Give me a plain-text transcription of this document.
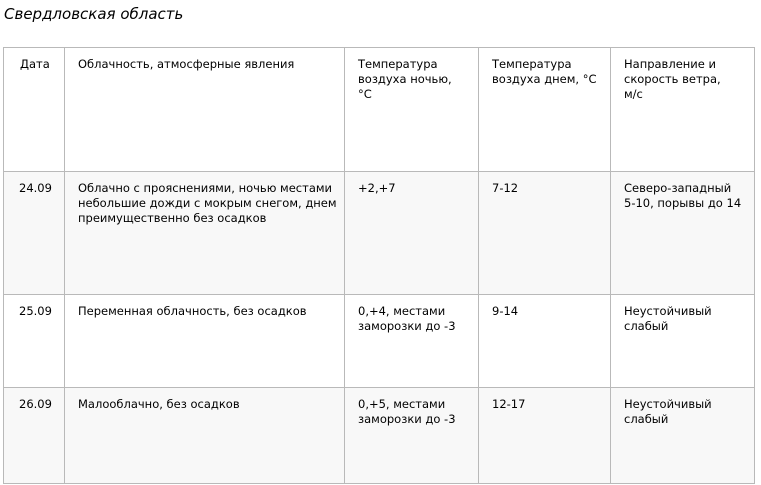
Свердловская область
Дата	Облачность, атмосферные явления	Температура
воздуха ночью,
°С	Температура
воздуха днем, °С	Направление и
скорость ветра,
м/с

24.09	Облачно с прояснениями, ночью местами
небольшие дожди с мокрым снегом, днем
преимущественно без осадков	+2,+7	7-12	Северо-западный
5-10, порывы до 14

25.09	Переменная облачность, без осадков	0,+4, местами
заморозки до -3	9-14	Неустойчивый
слабый

26.09	Малооблачно, без осадков	0,+5, местами
заморозки до -3	12-17	Неустойчивый
слабый
